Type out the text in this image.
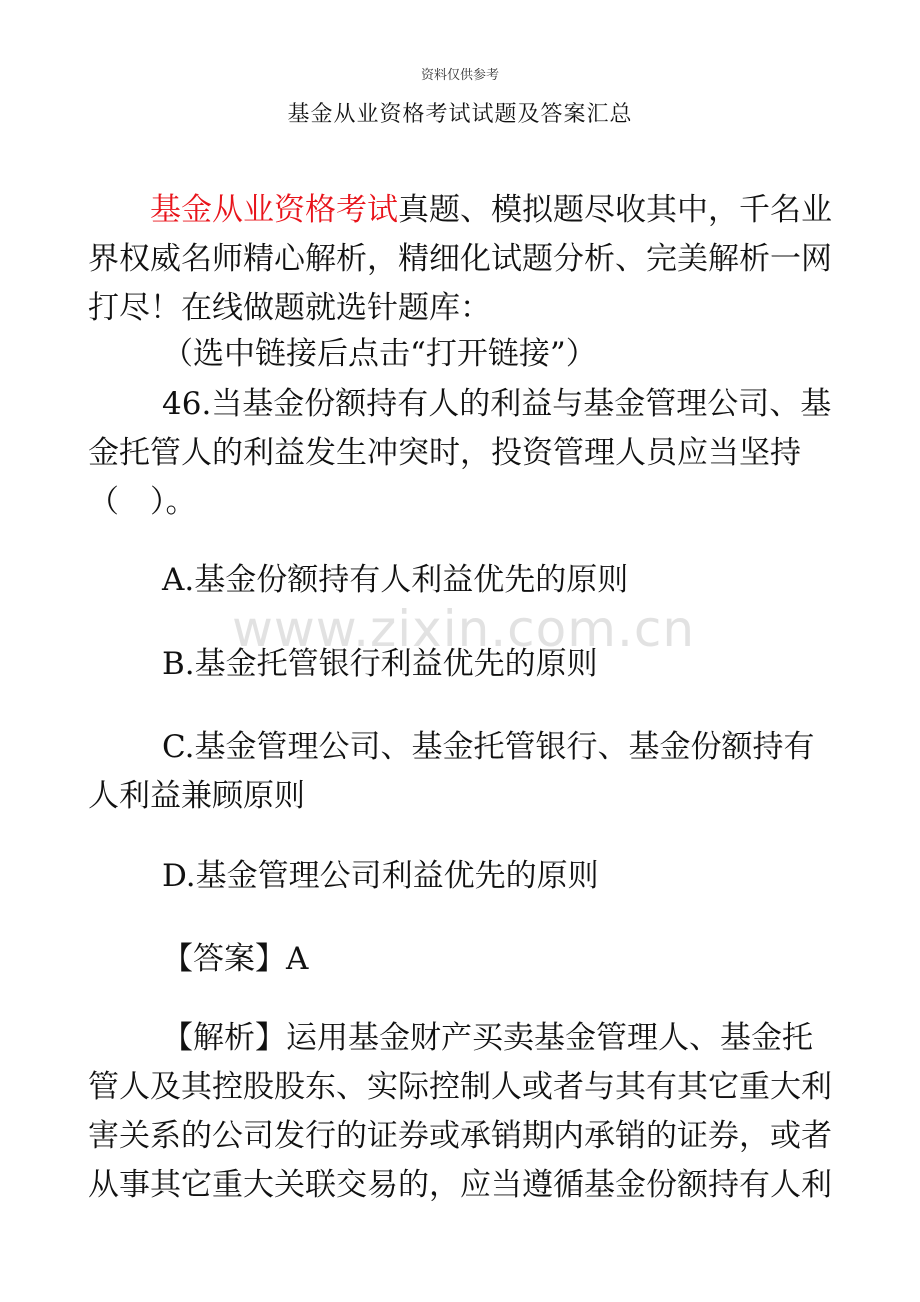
www.zixin.com.cn
资料仅供参考
基金从业资格考试试题及答案汇总

基金从业资格考试真题、模拟题尽收其中，千名业界权威名师精心解析，精细化试题分析、完美解析一网打尽！在线做题就选针题库：

（选中链接后点击“打开链接”）

46.当基金份额持有人的利益与基金管理公司、基金托管人的利益发生冲突时，投资管理人员应当坚持（　）。

A.基金份额持有人利益优先的原则

B.基金托管银行利益优先的原则

C.基金管理公司、基金托管银行、基金份额持有人利益兼顾原则

D.基金管理公司利益优先的原则

【答案】A

【解析】运用基金财产买卖基金管理人、基金托管人及其控股股东、实际控制人或者与其有其它重大利害关系的公司发行的证券或承销期内承销的证券，或者从事其它重大关联交易的，应当遵循基金份额持有人利
